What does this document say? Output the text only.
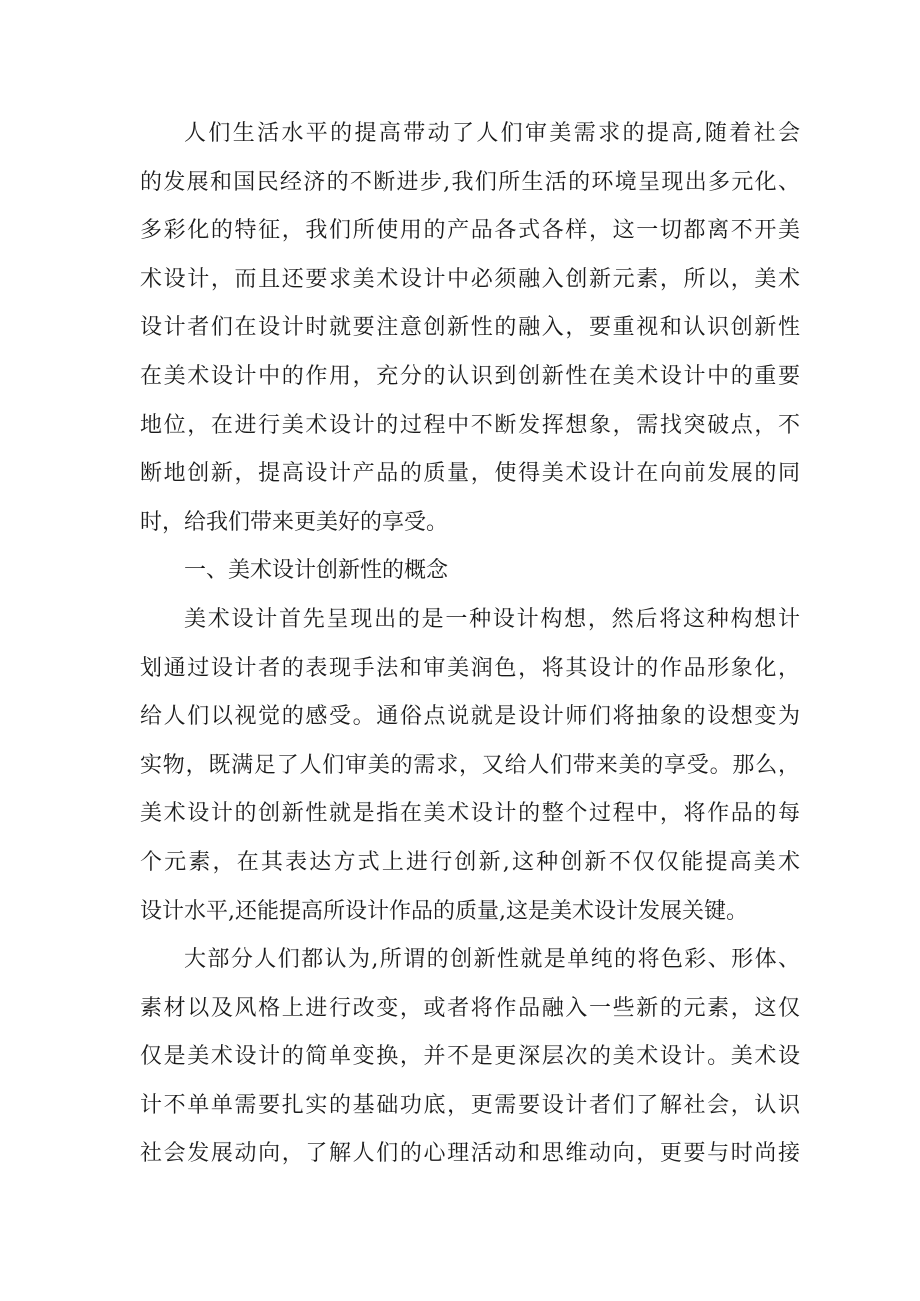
人们生活水平的提高带动了人们审美需求的提高,随着社会
的发展和国民经济的不断进步,我们所生活的环境呈现出多元化、
多彩化的特征，我们所使用的产品各式各样，这一切都离不开美
术设计，而且还要求美术设计中必须融入创新元素，所以，美术
设计者们在设计时就要注意创新性的融入，要重视和认识创新性
在美术设计中的作用，充分的认识到创新性在美术设计中的重要
地位，在进行美术设计的过程中不断发挥想象，需找突破点，不
断地创新，提高设计产品的质量，使得美术设计在向前发展的同
时，给我们带来更美好的享受。
一、美术设计创新性的概念
美术设计首先呈现出的是一种设计构想，然后将这种构想计
划通过设计者的表现手法和审美润色，将其设计的作品形象化，
给人们以视觉的感受。通俗点说就是设计师们将抽象的设想变为
实物，既满足了人们审美的需求，又给人们带来美的享受。那么，
美术设计的创新性就是指在美术设计的整个过程中，将作品的每
个元素，在其表达方式上进行创新,这种创新不仅仅能提高美术
设计水平,还能提高所设计作品的质量,这是美术设计发展关键。
大部分人们都认为,所谓的创新性就是单纯的将色彩、形体、
素材以及风格上进行改变，或者将作品融入一些新的元素，这仅
仅是美术设计的简单变换，并不是更深层次的美术设计。美术设
计不单单需要扎实的基础功底，更需要设计者们了解社会，认识
社会发展动向，了解人们的心理活动和思维动向，更要与时尚接
